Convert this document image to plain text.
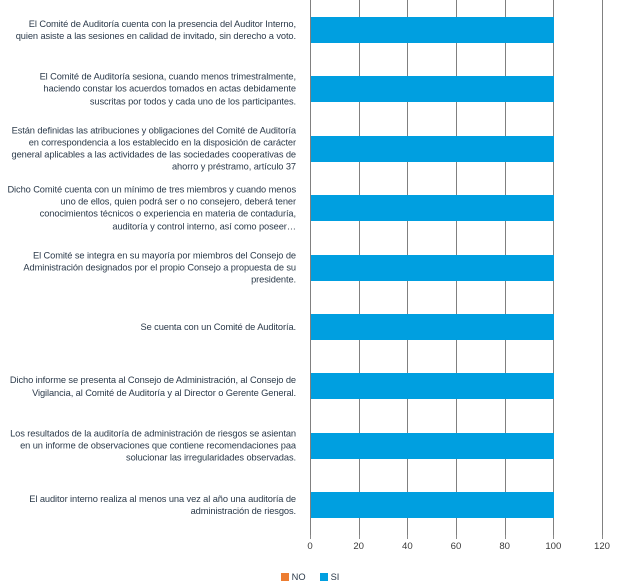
El Comité de Auditoría cuenta con la presencia del Auditor Interno, quien asiste a las sesiones en calidad de invitado, sin derecho a voto.
El Comité de Auditoría sesiona, cuando menos trimestralmente, haciendo constar los acuerdos tomados en actas debidamente suscritas por todos y cada uno de los participantes.
Están definidas las atribuciones y obligaciones del Comité de Auditoría en correspondencia a los establecido en la disposición de carácter general aplicables a las actividades de las sociedades cooperativas de ahorro y préstramo, artículo 37
Dicho Comité cuenta con un mínimo de tres miembros y cuando menos uno de ellos, quien podrá ser o no consejero, deberá tener conocimientos técnicos o experiencia en materia de contaduría, auditoría y control interno, así como poseer…
El Comité se integra en su mayoría por miembros del Consejo de Administración designados por el propio Consejo a propuesta de su presidente.
Se cuenta con un Comité de Auditoría.
Dicho informe se presenta al Consejo de Administración, al Consejo de Vigilancia, al Comité de Auditoría y al Director o Gerente General.
Los resultados de la auditoría de administración de riesgos se asientan en un informe de observaciones que contiene recomendaciones paa solucionar las irregularidades observadas.
El auditor interno realiza al menos una vez al año una auditoría de administración de riesgos.
0	20	40	60	80	100	120
NO	SI
